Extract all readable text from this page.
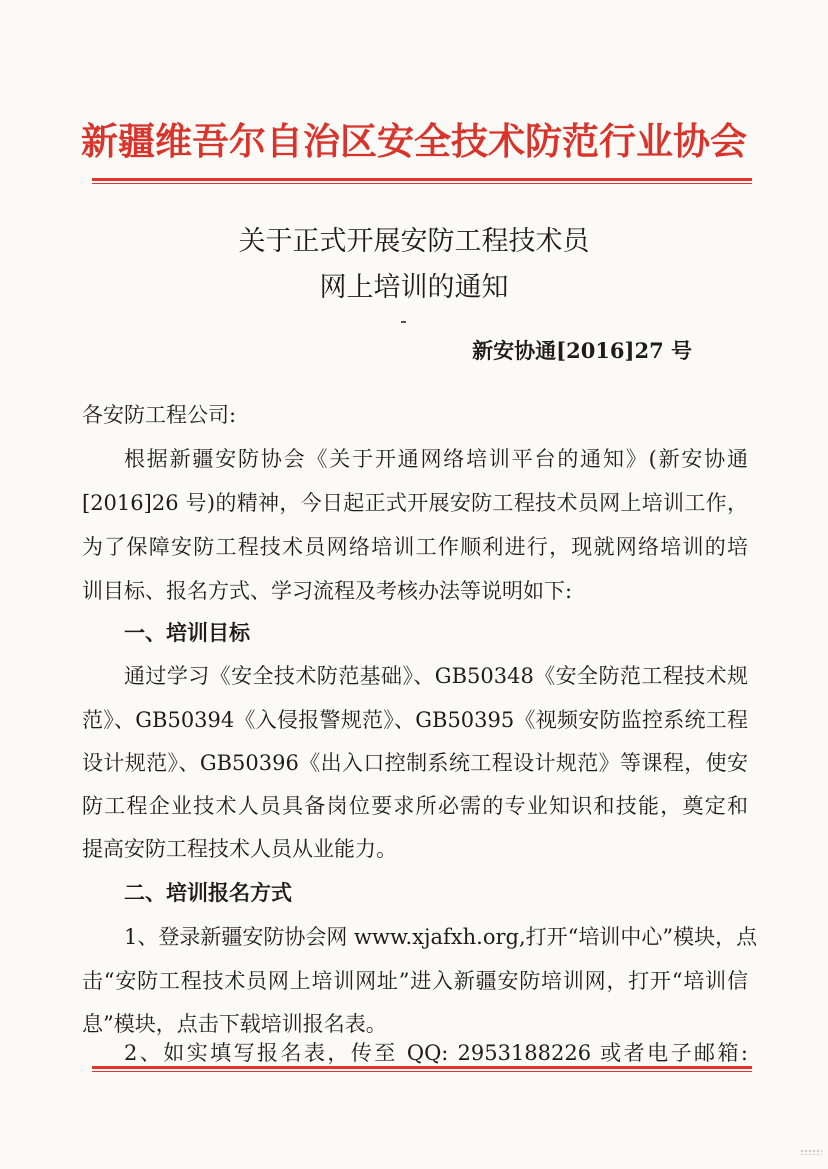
新疆维吾尔自治区安全技术防范行业协会
关于正式开展安防工程技术员
网上培训的通知
新安协通[2016]27 号
各安防工程公司:
根据新疆安防协会《关于开通网络培训平台的通知》(新安协通
[2016]26 号)的精神，今日起正式开展安防工程技术员网上培训工作，
为了保障安防工程技术员网络培训工作顺利进行，现就网络培训的培
训目标、报名方式、学习流程及考核办法等说明如下:
一、培训目标
通过学习《安全技术防范基础》、GB50348《安全防范工程技术规
范》、GB50394《入侵报警规范》、GB50395《视频安防监控系统工程
设计规范》、GB50396《出入口控制系统工程设计规范》等课程，使安
防工程企业技术人员具备岗位要求所必需的专业知识和技能，奠定和
提高安防工程技术人员从业能力。
二、培训报名方式
1、登录新疆安防协会网 www.xjafxh.org,打开“培训中心”模块，点
击“安防工程技术员网上培训网址”进入新疆安防培训网，打开“培训信
息”模块，点击下载培训报名表。
2、如实填写报名表，传至 QQ: 2953188226 或者电子邮箱:
